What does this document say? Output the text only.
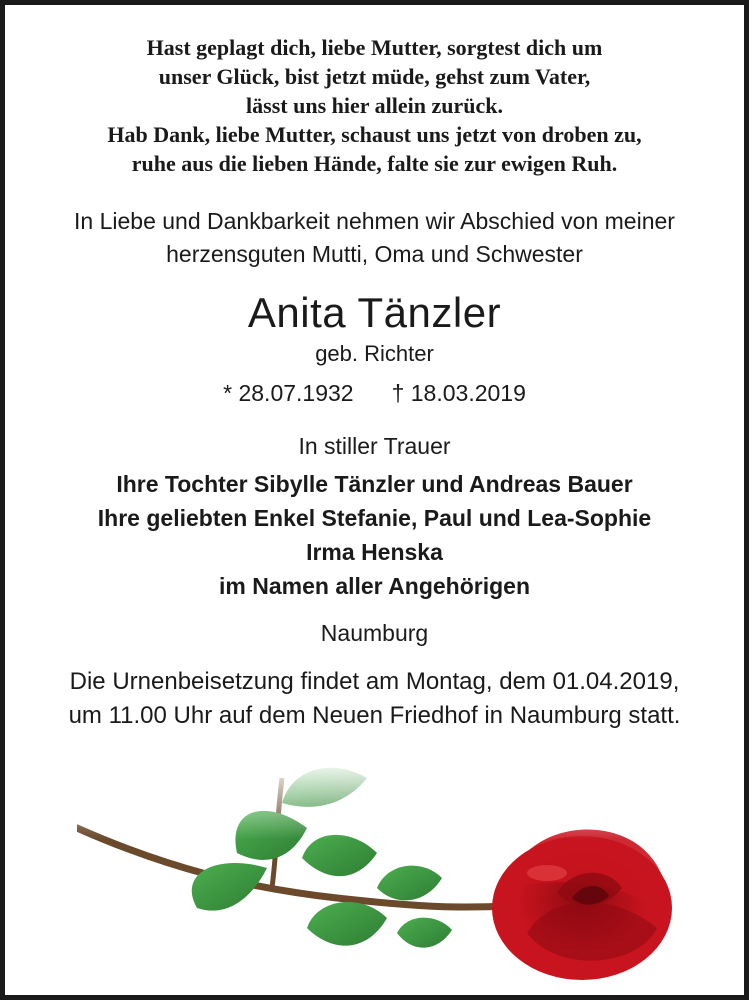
Hast geplagt dich, liebe Mutter, sorgtest dich um
unser Glück, bist jetzt müde, gehst zum Vater,
lässt uns hier allein zurück.
Hab Dank, liebe Mutter, schaust uns jetzt von droben zu,
ruhe aus die lieben Hände, falte sie zur ewigen Ruh.
In Liebe und Dankbarkeit nehmen wir Abschied von meiner
herzensguten Mutti, Oma und Schwester
Anita Tänzler
geb. Richter
* 28.07.1932 † 18.03.2019
In stiller Trauer
Ihre Tochter Sibylle Tänzler und Andreas Bauer
Ihre geliebten Enkel Stefanie, Paul und Lea-Sophie
Irma Henska
im Namen aller Angehörigen
Naumburg
Die Urnenbeisetzung findet am Montag, dem 01.04.2019,
um 11.00 Uhr auf dem Neuen Friedhof in Naumburg statt.
